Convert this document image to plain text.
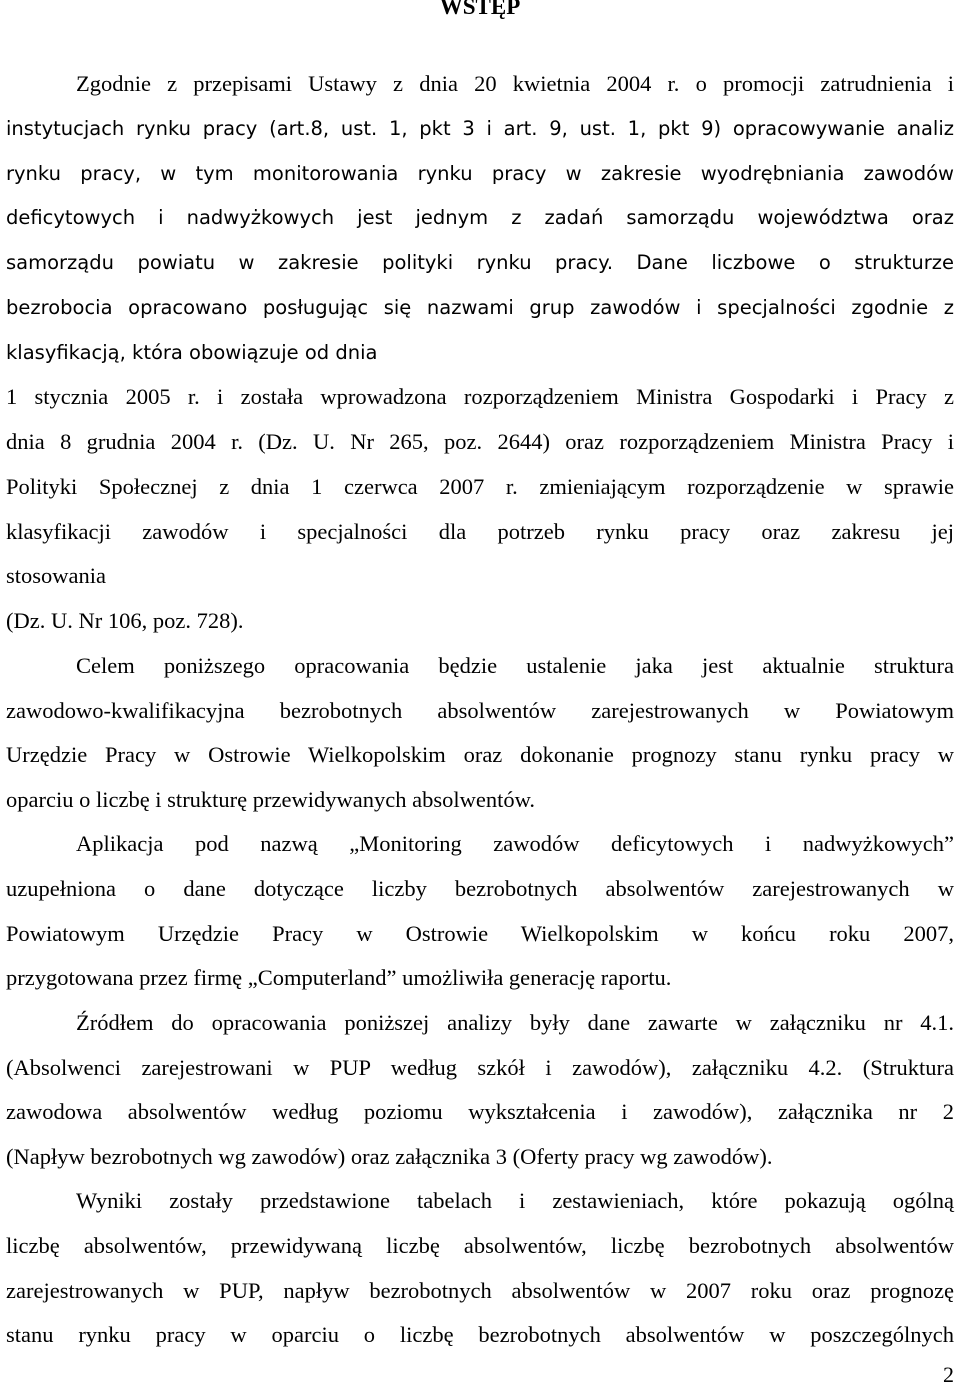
WSTĘP

Zgodnie z przepisami Ustawy z dnia 20 kwietnia 2004 r. o promocji zatrudnienia i

instytucjach rynku pracy (art.8, ust. 1, pkt 3 i art. 9, ust. 1, pkt 9) opracowywanie analiz

rynku pracy, w tym monitorowania rynku pracy w zakresie wyodrębniania zawodów

deficytowych i nadwyżkowych jest jednym z zadań samorządu województwa oraz

samorządu powiatu w zakresie polityki rynku pracy. Dane liczbowe o strukturze

bezrobocia opracowano posługując się nazwami grup zawodów i specjalności zgodnie z

klasyfikacją, która obowiązuje od dnia

1 stycznia 2005 r. i została wprowadzona rozporządzeniem Ministra Gospodarki i Pracy z

dnia 8 grudnia 2004 r. (Dz. U. Nr 265, poz. 2644) oraz rozporządzeniem Ministra Pracy i

Polityki Społecznej z dnia 1 czerwca 2007 r. zmieniającym rozporządzenie w sprawie

klasyfikacji zawodów i specjalności dla potrzeb rynku pracy oraz zakresu jej

stosowania

(Dz. U. Nr 106, poz. 728).

Celem poniższego opracowania będzie ustalenie jaka jest aktualnie struktura

zawodowo-kwalifikacyjna bezrobotnych absolwentów zarejestrowanych w Powiatowym

Urzędzie Pracy w Ostrowie Wielkopolskim oraz dokonanie prognozy stanu rynku pracy w

oparciu o liczbę i strukturę przewidywanych absolwentów.

Aplikacja pod nazwą „Monitoring zawodów deficytowych i nadwyżkowych”

uzupełniona o dane dotyczące liczby bezrobotnych absolwentów zarejestrowanych w

Powiatowym Urzędzie Pracy w Ostrowie Wielkopolskim w końcu roku 2007,

przygotowana przez firmę „Computerland” umożliwiła generację raportu.

Źródłem do opracowania poniższej analizy były dane zawarte w załączniku nr 4.1.

(Absolwenci zarejestrowani w PUP według szkół i zawodów), załączniku 4.2. (Struktura

zawodowa absolwentów według poziomu wykształcenia i zawodów), załącznika nr 2

(Napływ bezrobotnych wg zawodów) oraz załącznika 3 (Oferty pracy wg zawodów).

Wyniki zostały przedstawione tabelach i zestawieniach, które pokazują ogólną

liczbę absolwentów, przewidywaną liczbę absolwentów, liczbę bezrobotnych absolwentów

zarejestrowanych w PUP, napływ bezrobotnych absolwentów w 2007 roku oraz prognozę

stanu rynku pracy w oparciu o liczbę bezrobotnych absolwentów w poszczególnych

2
